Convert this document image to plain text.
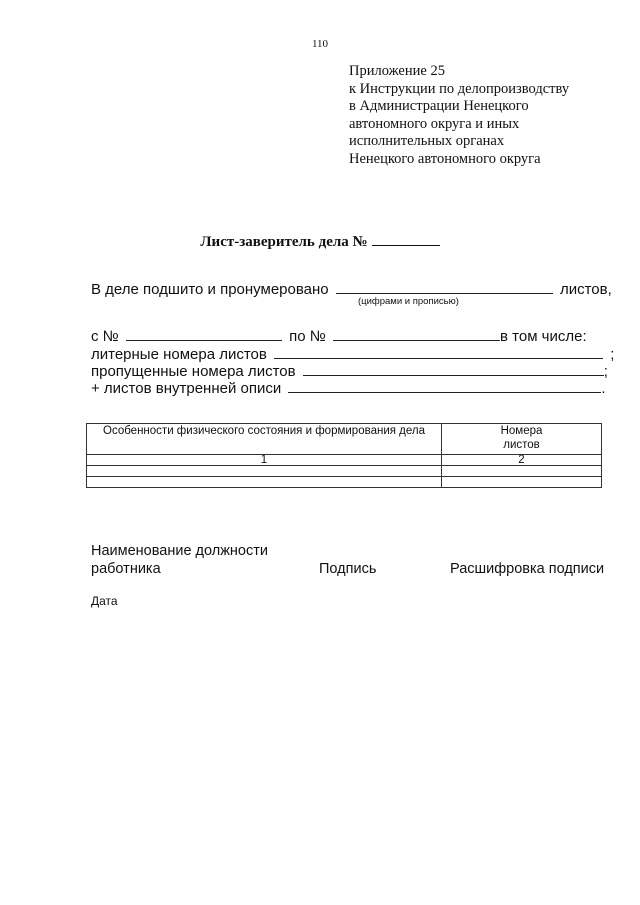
110
Приложение 25
к Инструкции по делопроизводству
в Администрации Ненецкого
автономного округа и иных
исполнительных органах
Ненецкого автономного округа
Лист-заверитель дела №
В деле подшито и пронумеровано	листов,
(цифрами и прописью)
с №	по №	в том числе:
литерные номера листов	;
пропущенные номера листов	;
+ листов внутренней описи	.
Особенности физического состояния и формирования дела	Номера листов

1	2

Наименование должности
работника	Подпись	Расшифровка подписи
Дата
